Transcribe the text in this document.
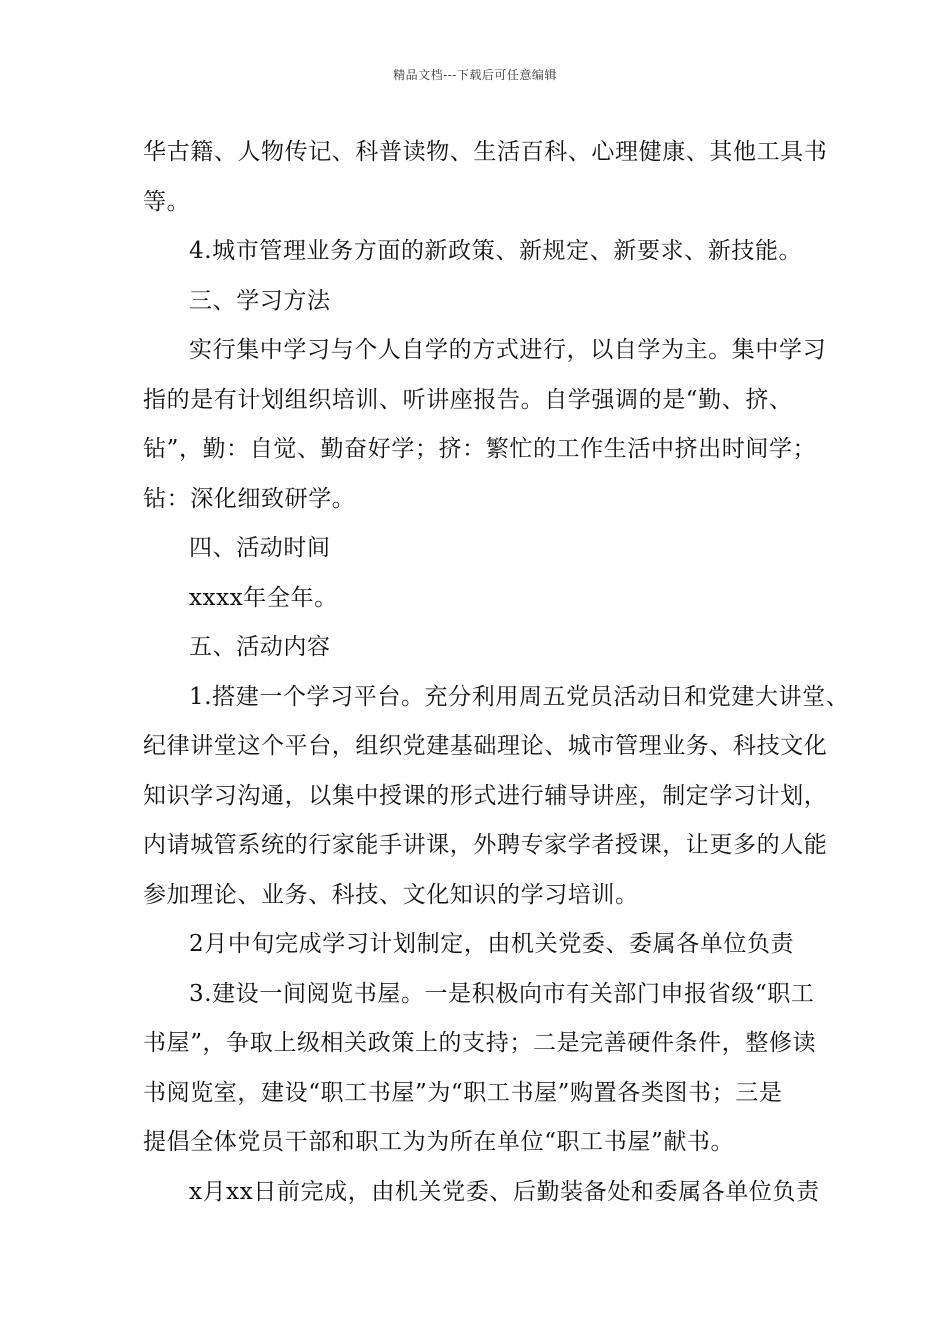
精品文档---下载后可任意编辑
华古籍、人物传记、科普读物、生活百科、心理健康、其他工具书
等。
4.城市管理业务方面的新政策、新规定、新要求、新技能。
三、学习方法
实行集中学习与个人自学的方式进行，以自学为主。集中学习
指的是有计划组织培训、听讲座报告。自学强调的是“勤、挤、
钻”，勤：自觉、勤奋好学；挤：繁忙的工作生活中挤出时间学；
钻：深化细致研学。
四、活动时间
xxxx年全年。
五、活动内容
1.搭建一个学习平台。充分利用周五党员活动日和党建大讲堂、
纪律讲堂这个平台，组织党建基础理论、城市管理业务、科技文化
知识学习沟通，以集中授课的形式进行辅导讲座，制定学习计划，
内请城管系统的行家能手讲课，外聘专家学者授课，让更多的人能
参加理论、业务、科技、文化知识的学习培训。
2月中旬完成学习计划制定，由机关党委、委属各单位负责
3.建设一间阅览书屋。一是积极向市有关部门申报省级“职工
书屋”，争取上级相关政策上的支持；二是完善硬件条件，整修读
书阅览室，建设“职工书屋”为“职工书屋”购置各类图书；三是
提倡全体党员干部和职工为为所在单位“职工书屋”献书。
x月xx日前完成，由机关党委、后勤装备处和委属各单位负责
